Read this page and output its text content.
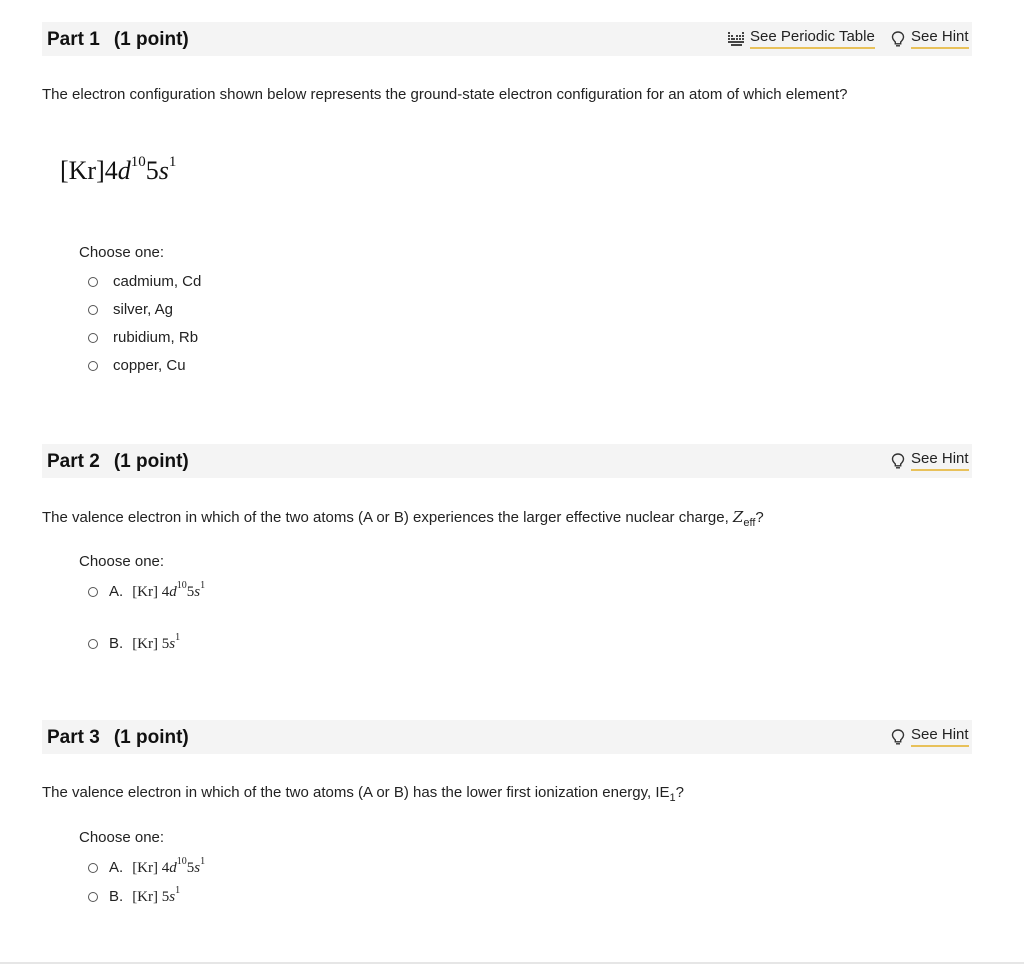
Part 1 (1 point)	See Periodic Table See Hint
The electron configuration shown below represents the ground-state electron configuration for an atom of which element?
$[Kr]4d^{10}5s^1$
Choose one:
cadmium, Cd
silver, Ag
rubidium, Rb
copper, Cu
Part 2 (1 point)	See Hint
The valence electron in which of the two atoms (A or B) experiences the larger effective nuclear charge, $Z_{eff}$?
Choose one:
A. [Kr] $4d^{10}5s^1$
B. [Kr] $5s^1$
Part 3 (1 point)	See Hint
The valence electron in which of the two atoms (A or B) has the lower first ionization energy, $IE_1$?
Choose one:
A. [Kr] $4d^{10}5s^1$
B. [Kr] $5s^1$
